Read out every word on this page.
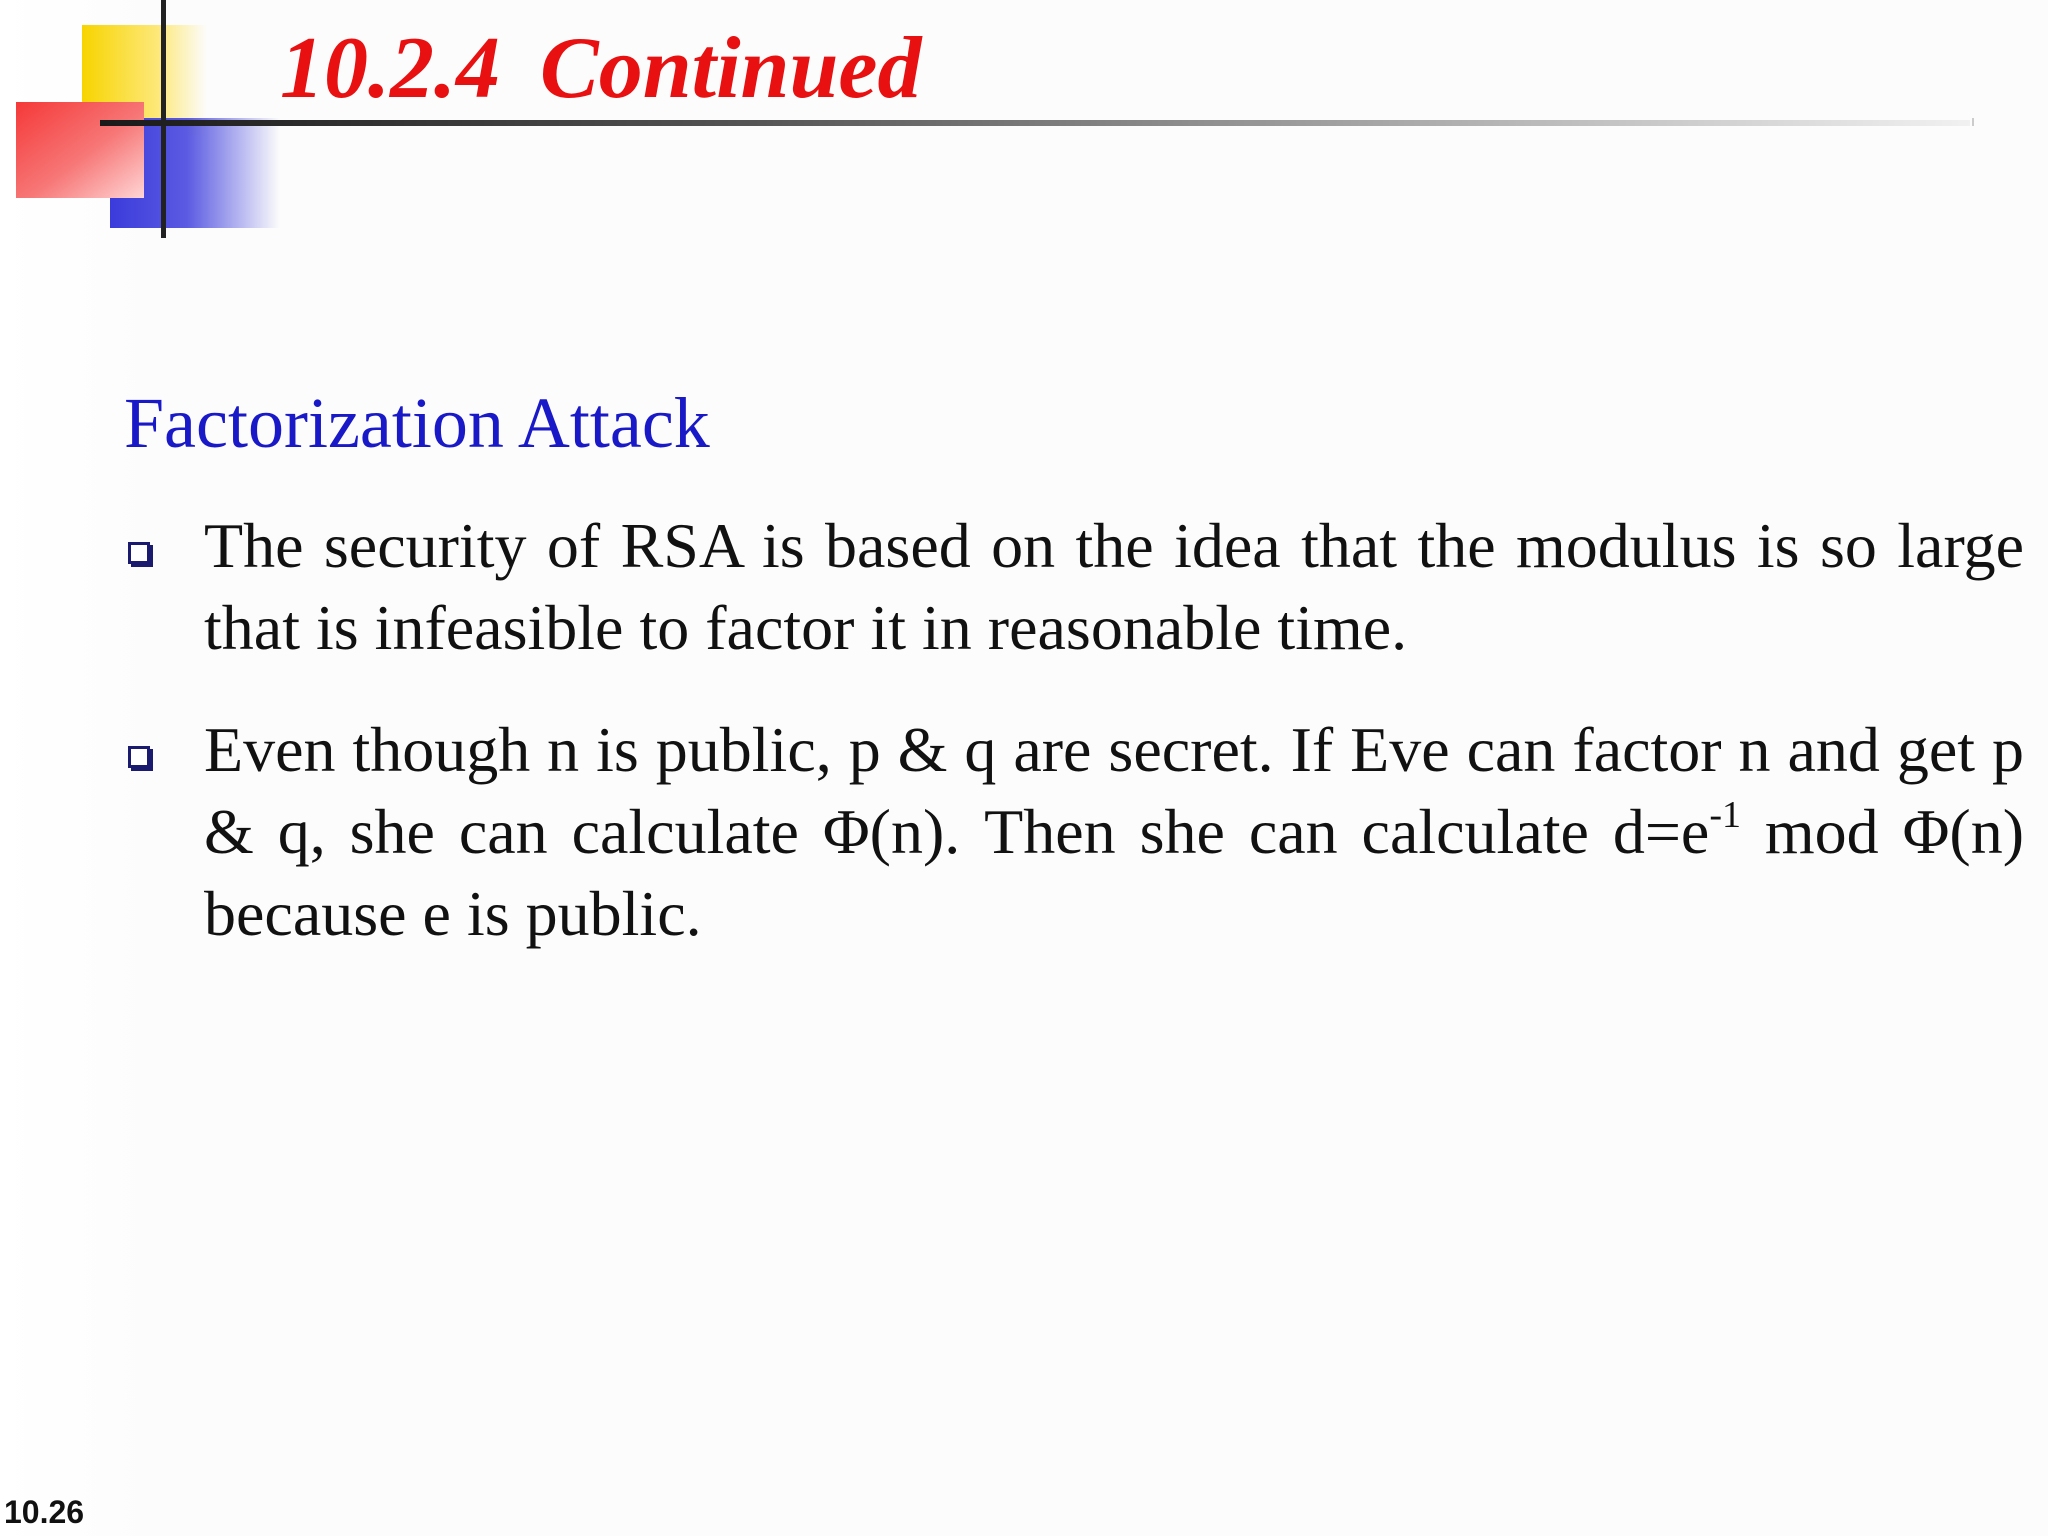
10.2.4 Continued
Factorization Attack
The security of RSA is based on the idea that the modulus is so large that is infeasible to factor it in reasonable time.
Even though n is public, p & q are secret. If Eve can factor n and get p & q, she can calculate Φ(n). Then she can calculate $d=e^{-1}$ mod Φ(n) because e is public.

10.26
